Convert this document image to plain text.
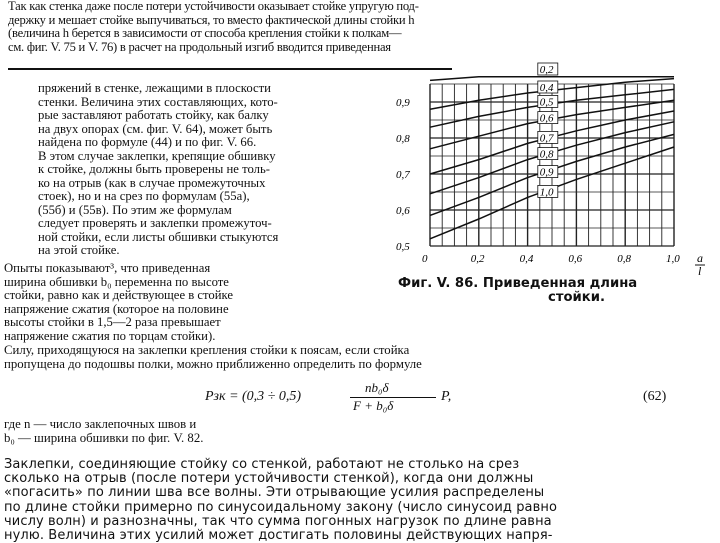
Так как стенка даже после потери устойчивости оказывает стойке упругую под-
держку и мешает стойке выпучиваться, то вместо фактической длины стойки h
(величина h берется в зависимости от способа крепления стойки к полкам—
см. фиг. V. 75 и V. 76) в расчет на продольный изгиб вводится приведенная
пряжений в стенке, лежащими в плоскости
стенки. Величина этих составляющих, кото-
рые заставляют работать стойку, как балку
на двух опорах (см. фиг. V. 64), может быть
найдена по формуле (44) и по фиг. V. 66.
В этом случае заклепки, крепящие обшивку
к стойке, должны быть проверены не толь-
ко на отрыв (как в случае промежуточных
стоек), но и на срез по формулам (55а),
(55б) и (55в). По этим же формулам
следует проверять и заклепки промежуточ-
ной стойки, если листы обшивки стыкуются
на этой стойке.
Опыты показывают³, что приведенная
ширина обшивки b₀ переменна по высоте
стойки, равно как и действующее в стойке
напряжение сжатия (которое на половине
высоты стойки в 1,5—2 раза превышает
напряжение сжатия по торцам стойки).
0,5
0,6
0,7
0,8
0,9
0	0,2	0,4	0,6	0,8	1,0
0,2
0,4
0,5
0,6
0,7
0,8
0,9
1,0
a
l
Фиг. V. 86. Приведенная длина
стойки.
Силу, приходящуюся на заклепки крепления стойки к поясам, если стойка
пропущена до подошвы полки, можно приближенно определить по формуле
Pзк = (0,3 ÷ 0,5)
nb₀δ
F + b₀δ
P,	(62)
где n — число заклепочных швов и
b₀ — ширина обшивки по фиг. V. 82.
Заклепки, соединяющие стойку со стенкой, работают не столько на срез
сколько на отрыв (после потери устойчивости стенкой), когда они должны
«погасить» по линии шва все волны. Эти отрывающие усилия распределены
по длине стойки примерно по синусоидальному закону (число синусоид равно
числу волн) и разнозначны, так что сумма погонных нагрузок по длине равна
нулю. Величина этих усилий может достигать половины действующих напря-
